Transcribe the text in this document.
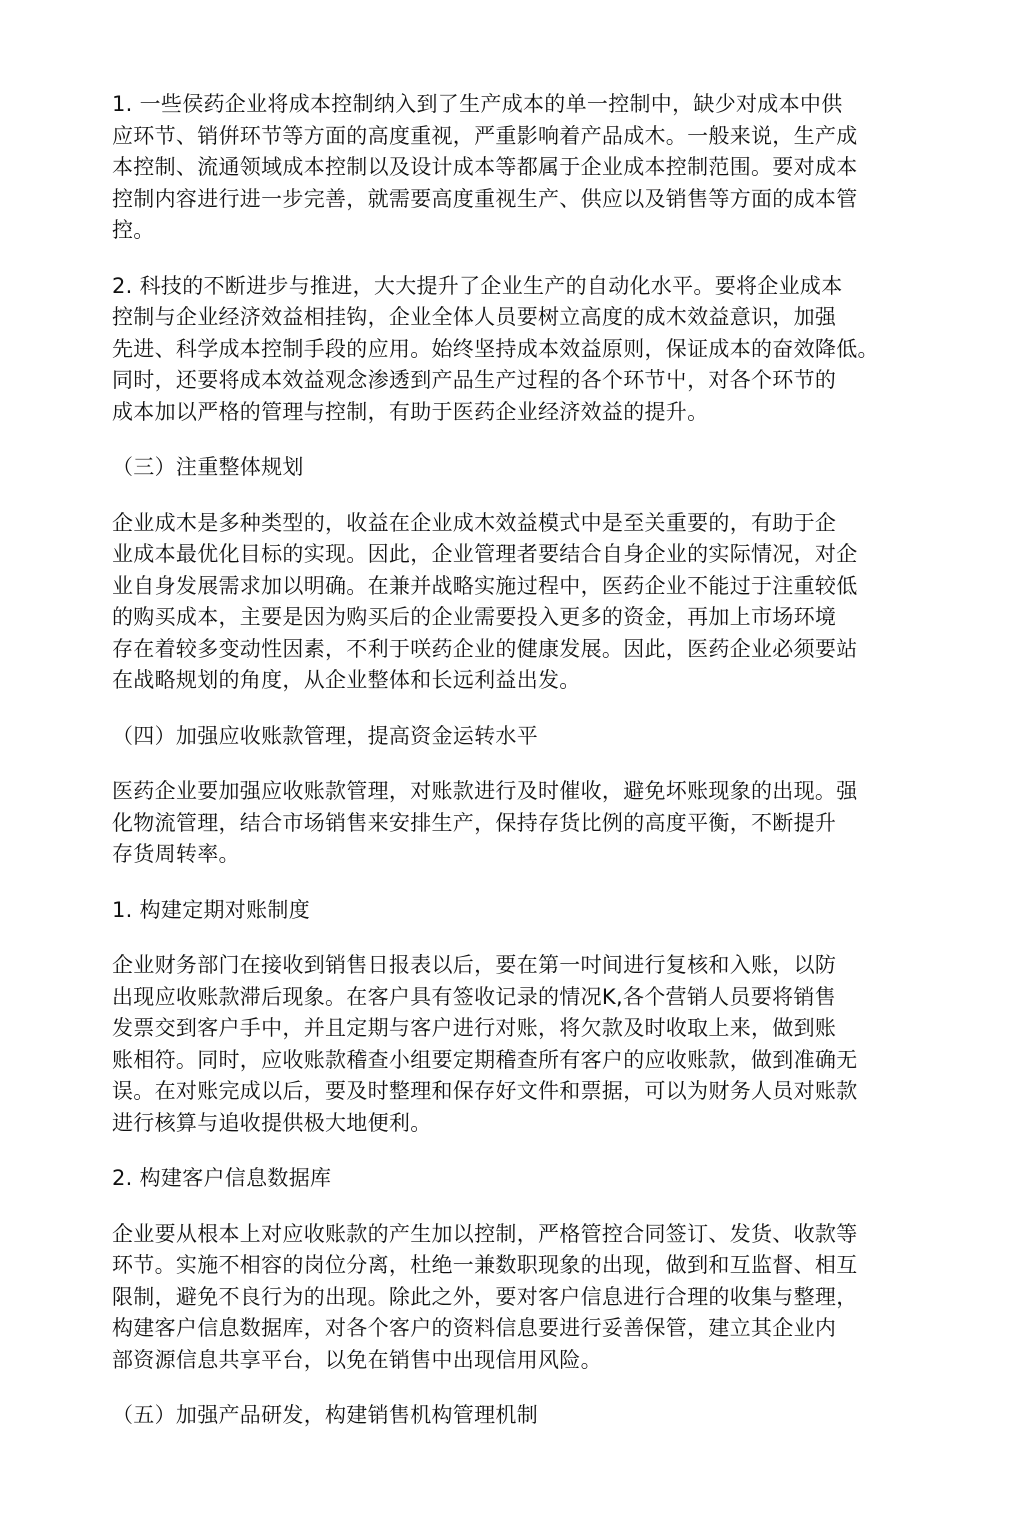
1. 一些侯药企业将成本控制纳入到了生产成本的单一控制中，缺少对成本中供
应环节、销倂环节等方面的高度重视，严重影响着产品成木。一般来说，生产成
本控制、流通领域成本控制以及设计成本等都属于企业成本控制范围。要对成本
控制内容进行进一步完善，就需要高度重视生产、供应以及销售等方面的成本管
控。
2. 科技的不断进步与推进，大大提升了企业生产的自动化水平。要将企业成本
控制与企业经济效益相挂钩，企业全体人员要树立高度的成木效益意识，加强
先进、科学成本控制手段的应用。始终坚持成本效益原则，保证成本的奋效降低。
同时，还要将成本效益观念渗透到产品生产过程的各个环节屮，对各个环节的
成本加以严格的管理与控制，有助于医药企业经济效益的提升。
（三）注重整体规划
企业成木是多种类型的，收益在企业成木效益模式中是至关重要的，有助于企
业成本最优化目标的实现。因此，企业管理者要结合自身企业的实际情况，对企
业自身发展需求加以明确。在兼并战略实施过程中，医药企业不能过于注重较低
的购买成本，主要是因为购买后的企业需要投入更多的资金，再加上市场环境
存在着较多变动性因素，不利于咲药企业的健康发展。因此，医药企业必须要站
在战略规划的角度，从企业整体和长远利益出发。
（四）加强应收账款管理，提高资金运转水平
医药企业要加强应收账款管理，对账款进行及时催收，避免坏账现象的出现。强
化物流管理，结合市场销售来安排生产，保持存货比例的高度平衡，不断提升
存货周转率。
1. 构建定期对账制度
企业财务部门在接收到销售日报表以后，要在第一吋间进行复核和入账，以防
出现应收账款滞后现象。在客户具有签收记录的情况K,各个营销人员要将销售
发票交到客户手中，并且定期与客户进行对账，将欠款及时收取上来，做到账
账相符。同时，应收账款稽查小组要定期稽查所有客户的应收账款，做到准确无
误。在对账完成以后，要及时整理和保存好文件和票据，可以为财务人员对账款
进行核算与追收提供极大地便利。
2. 构建客户信息数据库
企业要从根本上对应收账款的产生加以控制，严格管控合同签订、发货、收款等
环节。实施不相容的岗位分离，杜绝一兼数职现象的出现，做到和互监督、相互
限制，避免不良行为的出现。除此之外，要对客户信息进行合理的收集与整理，
构建客户信息数据库，对各个客户的资料信息要进行妥善保管，建立其企业内
部资源信息共享平台，以免在销售中出现信用风险。
（五）加强产品研发，构建销售机构管理机制
